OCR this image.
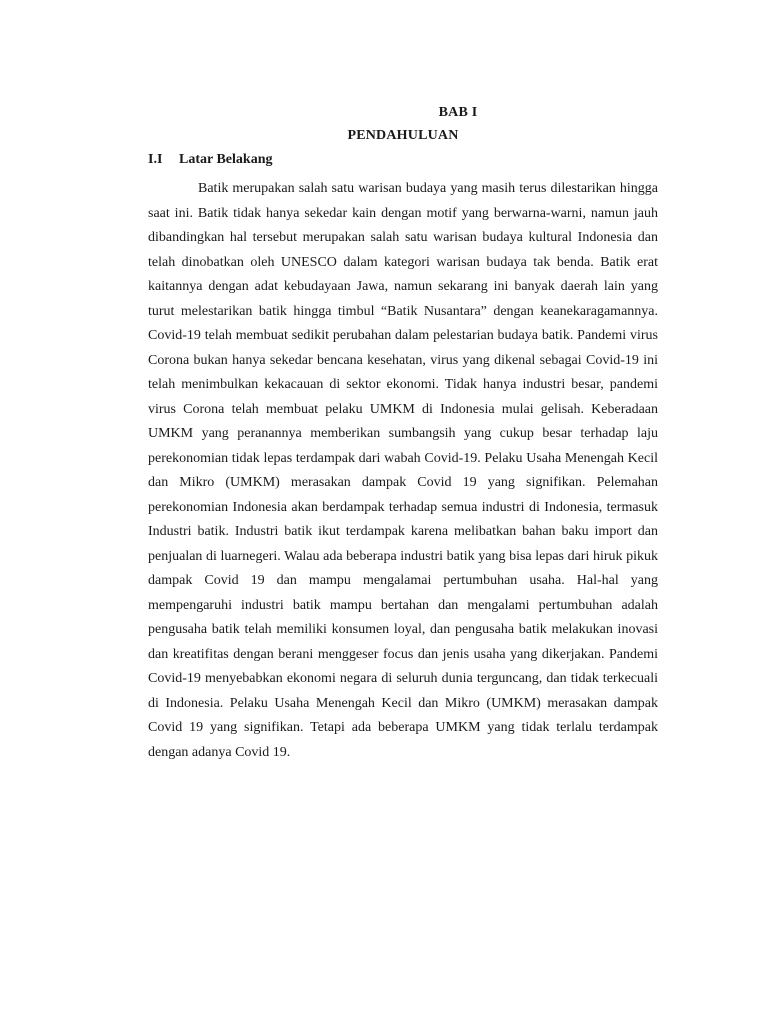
BAB I
PENDAHULUAN
I.I Latar Belakang

Batik merupakan salah satu warisan budaya yang masih terus dilestarikan hingga saat ini. Batik tidak hanya sekedar kain dengan motif yang berwarna-warni, namun jauh dibandingkan hal tersebut merupakan salah satu warisan budaya kultural Indonesia dan telah dinobatkan oleh UNESCO dalam kategori warisan budaya tak benda. Batik erat kaitannya dengan adat kebudayaan Jawa, namun sekarang ini banyak daerah lain yang turut melestarikan batik hingga timbul “Batik Nusantara” dengan keanekaragamannya. Covid-19 telah membuat sedikit perubahan dalam pelestarian budaya batik. Pandemi virus Corona bukan hanya sekedar bencana kesehatan, virus yang dikenal sebagai Covid-19 ini telah menimbulkan kekacauan di sektor ekonomi. Tidak hanya industri besar, pandemi virus Corona telah membuat pelaku UMKM di Indonesia mulai gelisah. Keberadaan UMKM yang peranannya memberikan sumbangsih yang cukup besar terhadap laju perekonomian tidak lepas terdampak dari wabah Covid-19. Pelaku Usaha Menengah Kecil dan Mikro (UMKM) merasakan dampak Covid 19 yang signifikan. Pelemahan perekonomian Indonesia akan berdampak terhadap semua industri di Indonesia, termasuk Industri batik. Industri batik ikut terdampak karena melibatkan bahan baku import dan penjualan di luarnegeri. Walau ada beberapa industri batik yang bisa lepas dari hiruk pikuk dampak Covid 19 dan mampu mengalamai pertumbuhan usaha. Hal-hal yang mempengaruhi industri batik mampu bertahan dan mengalami pertumbuhan adalah pengusaha batik telah memiliki konsumen loyal, dan pengusaha batik melakukan inovasi dan kreatifitas dengan berani menggeser focus dan jenis usaha yang dikerjakan. Pandemi Covid-19 menyebabkan ekonomi negara di seluruh dunia terguncang, dan tidak terkecuali di Indonesia. Pelaku Usaha Menengah Kecil dan Mikro (UMKM) merasakan dampak Covid 19 yang signifikan. Tetapi ada beberapa UMKM yang tidak terlalu terdampak dengan adanya Covid 19.
